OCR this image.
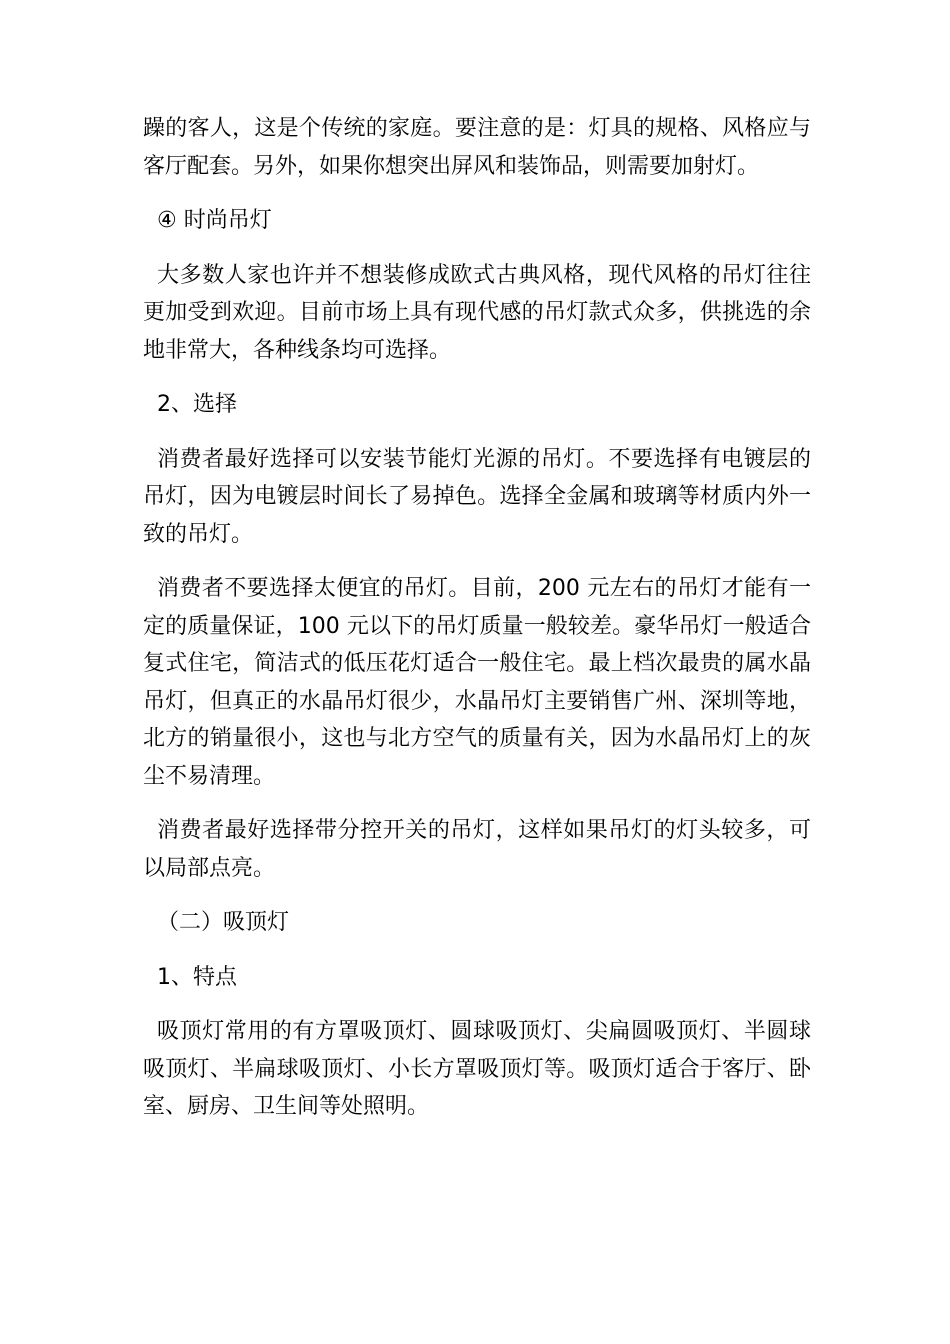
躁的客人，这是个传统的家庭。要注意的是：灯具的规格、风格应与客厅配套。另外，如果你想突出屏风和装饰品，则需要加射灯。

④ 时尚吊灯

大多数人家也许并不想装修成欧式古典风格，现代风格的吊灯往往更加受到欢迎。目前市场上具有现代感的吊灯款式众多，供挑选的余地非常大，各种线条均可选择。

2、选择

消费者最好选择可以安装节能灯光源的吊灯。不要选择有电镀层的吊灯，因为电镀层时间长了易掉色。选择全金属和玻璃等材质内外一致的吊灯。

消费者不要选择太便宜的吊灯。目前，200 元左右的吊灯才能有一定的质量保证，100 元以下的吊灯质量一般较差。豪华吊灯一般适合复式住宅，简洁式的低压花灯适合一般住宅。最上档次最贵的属水晶吊灯，但真正的水晶吊灯很少，水晶吊灯主要销售广州、深圳等地，北方的销量很小，这也与北方空气的质量有关，因为水晶吊灯上的灰尘不易清理。

消费者最好选择带分控开关的吊灯，这样如果吊灯的灯头较多，可以局部点亮。

（二）吸顶灯

1、特点

吸顶灯常用的有方罩吸顶灯、圆球吸顶灯、尖扁圆吸顶灯、半圆球吸顶灯、半扁球吸顶灯、小长方罩吸顶灯等。吸顶灯适合于客厅、卧室、厨房、卫生间等处照明。
